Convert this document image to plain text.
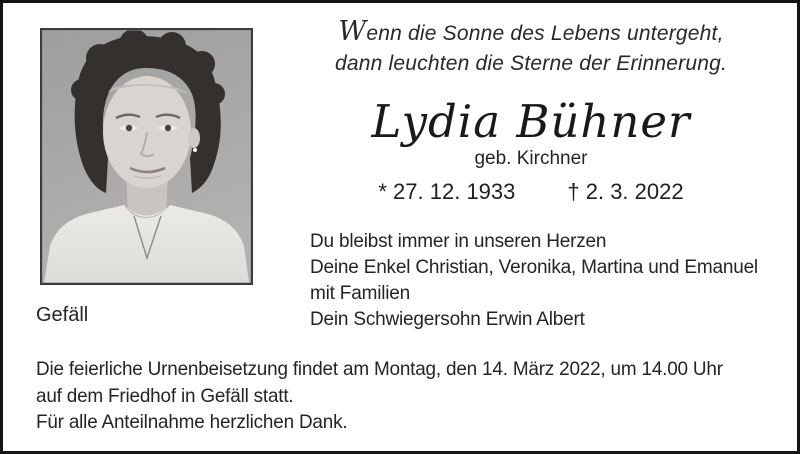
Gefäll
Wenn die Sonne des Lebens untergeht,
dann leuchten die Sterne der Erinnerung.
Lydia Bühner
geb. Kirchner
* 27. 12. 1933 † 2. 3. 2022
Du bleibst immer in unseren Herzen
Deine Enkel Christian, Veronika, Martina und Emanuel
mit Familien
Dein Schwiegersohn Erwin Albert
Die feierliche Urnenbeisetzung findet am Montag, den 14. März 2022, um 14.00 Uhr
auf dem Friedhof in Gefäll statt.
Für alle Anteilnahme herzlichen Dank.
